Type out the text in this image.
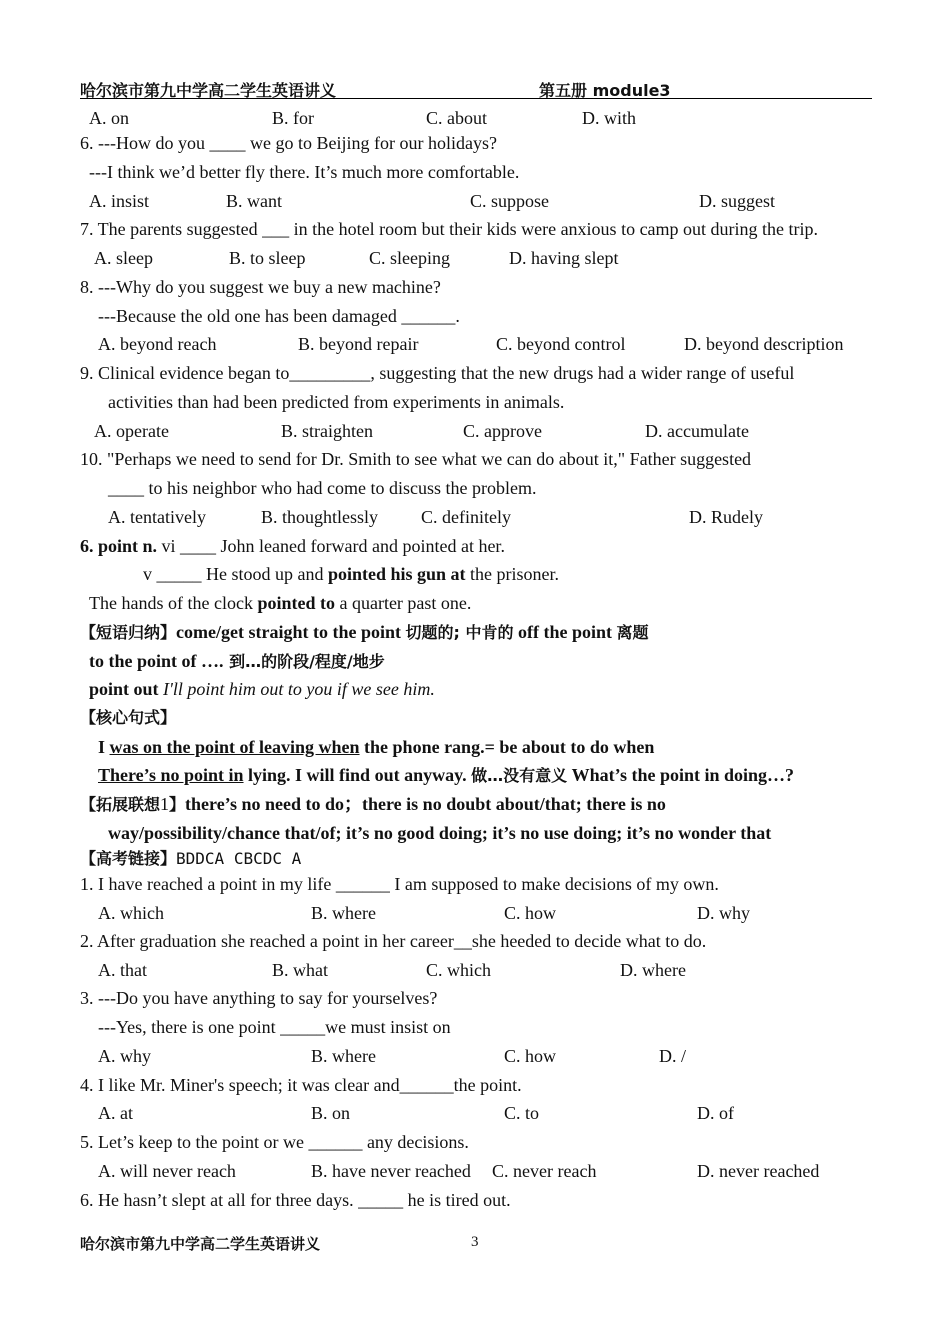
哈尔滨市第九中学高二学生英语讲义	第五册 module3
A. on	B. for	C. about	D. with
6. ---How do you ____ we go to Beijing for our holidays?
---I think we’d better fly there. It’s much more comfortable.
A. insist	B. want	C. suppose	D. suggest
7. The parents suggested ___ in the hotel room but their kids were anxious to camp out during the trip.
A. sleep	B. to sleep	C. sleeping	D. having slept
8. ---Why do you suggest we buy a new machine?
---Because the old one has been damaged ______.
A. beyond reach	B. beyond repair	C. beyond control	D. beyond description
9. Clinical evidence began to_________, suggesting that the new drugs had a wider range of useful
activities than had been predicted from experiments in animals.
A. operate	B. straighten	C. approve	D. accumulate
10. "Perhaps we need to send for Dr. Smith to see what we can do about it," Father suggested
____ to his neighbor who had come to discuss the problem.
A. tentatively	B. thoughtlessly C. definitely	D. Rudely
6. point n. vi ____ John leaned forward and pointed at her.
v _____ He stood up and pointed his gun at the prisoner.
The hands of the clock pointed to a quarter past one.
【短语归纳】come/get straight to the point 切题的; 中肯的 off the point 离题
to the point of …. 到…的阶段/程度/地步
point out I'll point him out to you if we see him.
【核心句式】
I was on the point of leaving when the phone rang.= be about to do when
There’s no point in lying. I will find out anyway. 做…没有意义 What’s the point in doing…?
【拓展联想1】there’s no need to do；there is no doubt about/that; there is no
way/possibility/chance that/of; it’s no good doing; it’s no use doing; it’s no wonder that
【高考链接】BDDCA CBCDC A
1. I have reached a point in my life ______ I am supposed to make decisions of my own.
A. which	B. where	C. how	D. why
2. After graduation she reached a point in her career__she heeded to decide what to do.
A. that	B. what	C. which	D. where
3. ---Do you have anything to say for yourselves?
---Yes, there is one point _____we must insist on
A. why	B. where	C. how	D. /
4. I like Mr. Miner's speech; it was clear and______the point.
A. at	B. on	C. to	D. of
5. Let’s keep to the point or we ______ any decisions.
A. will never reach	B. have never reached C. never reach	D. never reached
6. He hasn’t slept at all for three days. _____ he is tired out.
哈尔滨市第九中学高二学生英语讲义	3
